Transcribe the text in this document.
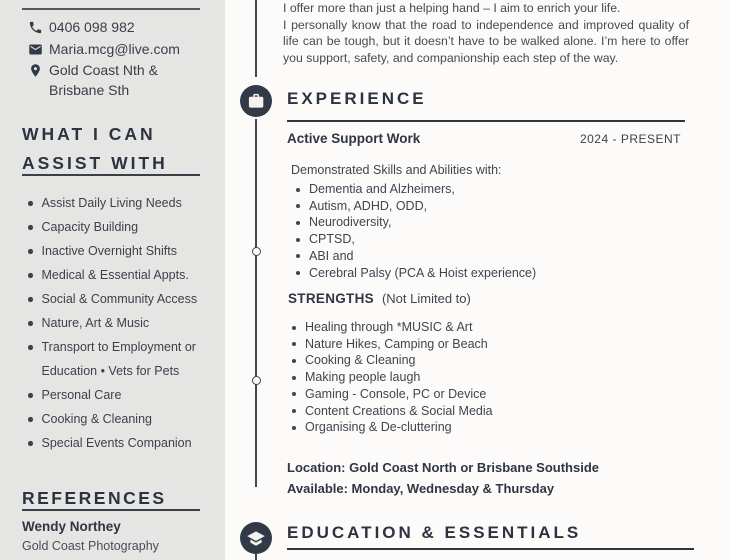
0406 098 982
Maria.mcg@live.com
Gold Coast Nth & Brisbane Sth
WHAT I CAN
ASSIST WITH
Assist Daily Living Needs
Capacity Building
Inactive Overnight Shifts
Medical & Essential Appts.
Social & Community Access
Nature, Art & Music
Transport to Employment or Education • Vets for Pets
Personal Care
Cooking & Cleaning
Special Events Companion
REFERENCES
Wendy Northey
Gold Coast Photography

I offer more than just a helping hand – I aim to enrich your life.

I personally know that the road to independence and improved quality of life can be tough, but it doesn’t have to be walked alone. I’m here to offer you support, safety, and companionship each step of the way.

EXPERIENCE
Active Support Work	2024 - PRESENT
Demonstrated Skills and Abilities with:
Dementia and Alzheimers,
Autism, ADHD, ODD,
Neurodiversity,
CPTSD,
ABI and
Cerebral Palsy (PCA & Hoist experience)
STRENGTHS (Not Limited to)
Healing through *MUSIC & Art
Nature Hikes, Camping or Beach
Cooking & Cleaning
Making people laugh
Gaming - Console, PC or Device
Content Creations & Social Media
Organising & De-cluttering
Location: Gold Coast North or Brisbane Southside
Available: Monday, Wednesday & Thursday
EDUCATION & ESSENTIALS
